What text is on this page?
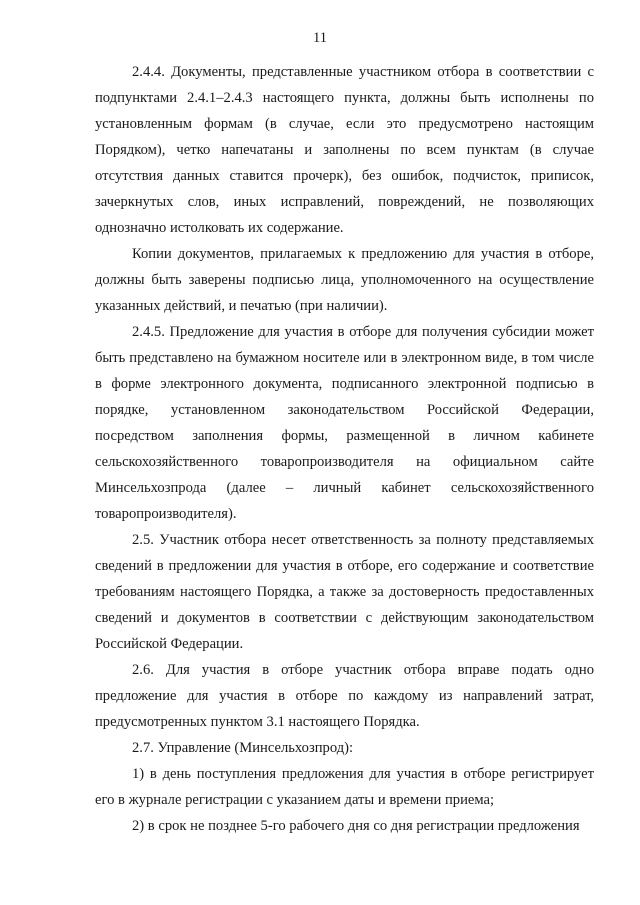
11

2.4.4. Документы, представленные участником отбора в соответствии с подпунктами 2.4.1–2.4.3 настоящего пункта, должны быть исполнены по установленным формам (в случае, если это предусмотрено настоящим Порядком), четко напечатаны и заполнены по всем пунктам (в случае отсутствия данных ставится прочерк), без ошибок, подчисток, приписок, зачеркнутых слов, иных исправлений, повреждений, не позволяющих однозначно истолковать их содержание.

Копии документов, прилагаемых к предложению для участия в отборе, должны быть заверены подписью лица, уполномоченного на осуществление указанных действий, и печатью (при наличии).

2.4.5. Предложение для участия в отборе для получения субсидии может быть представлено на бумажном носителе или в электронном виде, в том числе в форме электронного документа, подписанного электронной подписью в порядке, установленном законодательством Российской Федерации, посредством заполнения формы, размещенной в личном кабинете сельскохозяйственного товаропроизводителя на официальном сайте Минсельхозпрода (далее – личный кабинет сельскохозяйственного товаропроизводителя).

2.5. Участник отбора несет ответственность за полноту представляемых сведений в предложении для участия в отборе, его содержание и соответствие требованиям настоящего Порядка, а также за достоверность предоставленных сведений и документов в соответствии с действующим законодательством Российской Федерации.

2.6. Для участия в отборе участник отбора вправе подать одно предложение для участия в отборе по каждому из направлений затрат, предусмотренных пунктом 3.1 настоящего Порядка.

2.7. Управление (Минсельхозпрод):

1) в день поступления предложения для участия в отборе регистрирует его в журнале регистрации с указанием даты и времени приема;

2) в срок не позднее 5-го рабочего дня со дня регистрации предложения
